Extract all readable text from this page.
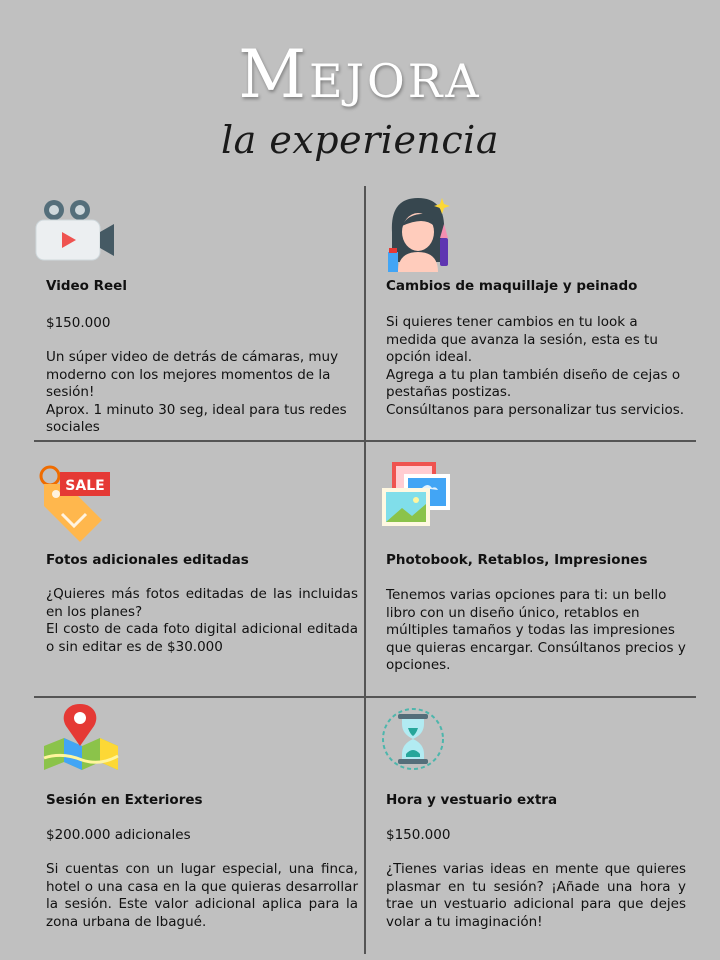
Mejora
la experiencia
Video Reel
$150.000
Un súper video de detrás de cámaras, muy moderno con los mejores momentos de la sesión!
Aprox. 1 minuto 30 seg, ideal para tus redes sociales
Cambios de maquillaje y peinado
Si quieres tener cambios en tu look a medida que avanza la sesión, esta es tu opción ideal.
Agrega a tu plan también diseño de cejas o pestañas postizas.
Consúltanos para personalizar tus servicios.
SALE
Fotos adicionales editadas
¿Quieres más fotos editadas de las incluidas en los planes?
El costo de cada foto digital adicional editada o sin editar es de $30.000
Photobook, Retablos, Impresiones
Tenemos varias opciones para ti: un bello libro con un diseño único, retablos en múltiples tamaños y todas las impresiones que quieras encargar. Consúltanos precios y opciones.
Sesión en Exteriores
$200.000 adicionales
Si cuentas con un lugar especial, una finca, hotel o una casa en la que quieras desarrollar la sesión. Este valor adicional aplica para la zona urbana de Ibagué.
Hora y vestuario extra
$150.000
¿Tienes varias ideas en mente que quieres plasmar en tu sesión? ¡Añade una hora y trae un vestuario adicional para que dejes volar a tu imaginación!
